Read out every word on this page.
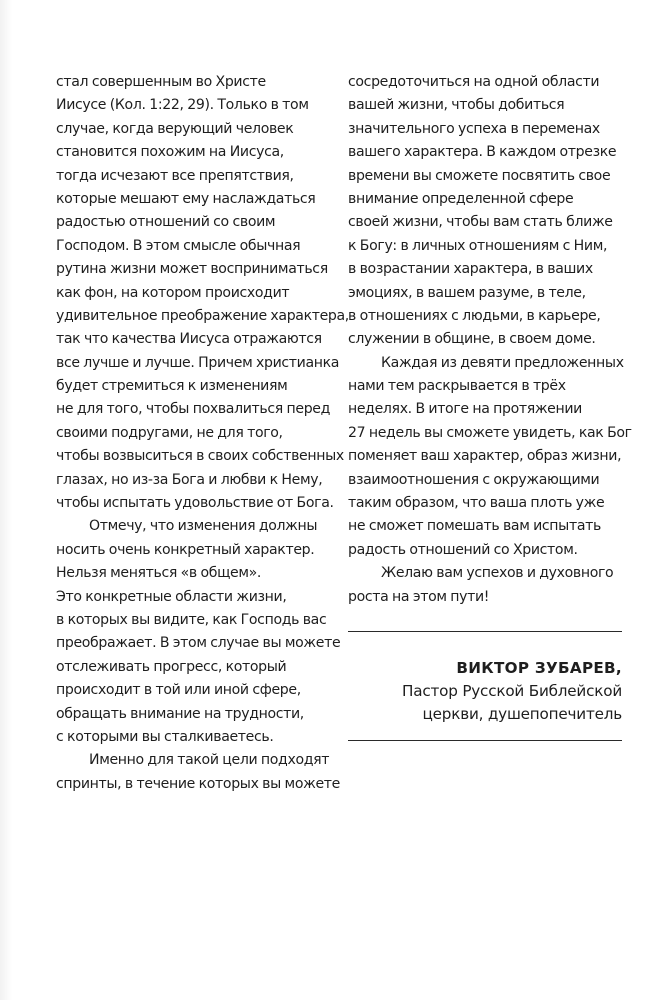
стал совершенным во Христе
Иисусе (Кол. 1:22, 29). Только в том
случае, когда верующий человек
становится похожим на Иисуса,
тогда исчезают все препятствия,
которые мешают ему наслаждаться
радостью отношений со своим
Господом. В этом смысле обычная
рутина жизни может восприниматься
как фон, на котором происходит
удивительное преображение характера,
так что качества Иисуса отражаются
все лучше и лучше. Причем христианка
будет стремиться к изменениям
не для того, чтобы похвалиться перед
своими подругами, не для того,
чтобы возвыситься в своих собственных
глазах, но из-за Бога и любви к Нему,
чтобы испытать удовольствие от Бога.
Отмечу, что изменения должны
носить очень конкретный характер.
Нельзя меняться «в общем».
Это конкретные области жизни,
в которых вы видите, как Господь вас
преображает. В этом случае вы можете
отслеживать прогресс, который
происходит в той или иной сфере,
обращать внимание на трудности,
с которыми вы сталкиваетесь.
Именно для такой цели подходят
спринты, в течение которых вы можете
сосредоточиться на одной области
вашей жизни, чтобы добиться
значительного успеха в переменах
вашего характера. В каждом отрезке
времени вы сможете посвятить свое
внимание определенной сфере
своей жизни, чтобы вам стать ближе
к Богу: в личных отношениям с Ним,
в возрастании характера, в ваших
эмоциях, в вашем разуме, в теле,
в отношениях с людьми, в карьере,
служении в общине, в своем доме.
Каждая из девяти предложенных
нами тем раскрывается в трёх
неделях. В итоге на протяжении
27 недель вы сможете увидеть, как Бог
поменяет ваш характер, образ жизни,
взаимоотношения с окружающими
таким образом, что ваша плоть уже
не сможет помешать вам испытать
радость отношений со Христом.
Желаю вам успехов и духовного
роста на этом пути!
ВИКТОР ЗУБАРЕВ,
Пастор Русской Библейской
церкви, душепопечитель
